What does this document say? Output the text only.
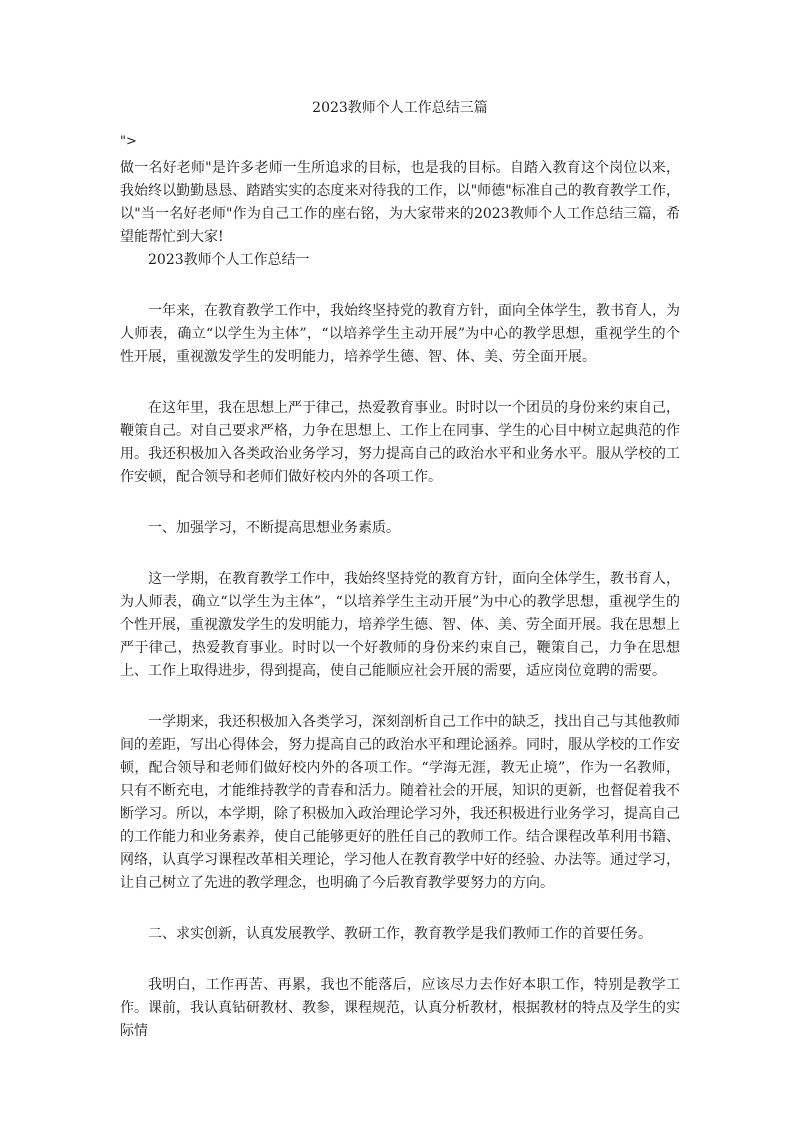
2023教师个人工作总结三篇
">

做一名好老师"是许多老师一生所追求的目标，也是我的目标。自踏入教育这个岗位以来，我始终以勤勤恳恳、踏踏实实的态度来对待我的工作，以"师德"标准自己的教育教学工作，以"当一名好老师"作为自己工作的座右铭，为大家带来的2023教师个人工作总结三篇，希望能帮忙到大家!

2023教师个人工作总结一

一年来，在教育教学工作中，我始终坚持党的教育方针，面向全体学生，教书育人，为人师表，确立“以学生为主体”，“以培养学生主动开展”为中心的教学思想，重视学生的个性开展，重视激发学生的发明能力，培养学生德、智、体、美、劳全面开展。

在这年里，我在思想上严于律己，热爱教育事业。时时以一个团员的身份来约束自己，鞭策自己。对自己要求严格，力争在思想上、工作上在同事、学生的心目中树立起典范的作用。我还积极加入各类政治业务学习，努力提高自己的政治水平和业务水平。服从学校的工作安顿，配合领导和老师们做好校内外的各项工作。

一、加强学习，不断提高思想业务素质。

这一学期，在教育教学工作中，我始终坚持党的教育方针，面向全体学生，教书育人，为人师表，确立“以学生为主体”，“以培养学生主动开展”为中心的教学思想，重视学生的个性开展，重视激发学生的发明能力，培养学生德、智、体、美、劳全面开展。我在思想上严于律己，热爱教育事业。时时以一个好教师的身份来约束自己，鞭策自己，力争在思想上、工作上取得进步，得到提高，使自己能顺应社会开展的需要，适应岗位竟聘的需要。

一学期来，我还积极加入各类学习，深刻剖析自己工作中的缺乏，找出自己与其他教师间的差距，写出心得体会，努力提高自己的政治水平和理论涵养。同时，服从学校的工作安顿，配合领导和老师们做好校内外的各项工作。“学海无涯，教无止境”，作为一名教师，只有不断充电，才能维持教学的青春和活力。随着社会的开展，知识的更新，也督促着我不断学习。所以，本学期，除了积极加入政治理论学习外，我还积极进行业务学习，提高自己的工作能力和业务素养，使自己能够更好的胜任自己的教师工作。结合课程改革利用书籍、网络，认真学习课程改革相关理论，学习他人在教育教学中好的经验、办法等。通过学习，让自己树立了先进的教学理念，也明确了今后教育教学要努力的方向。

二、求实创新，认真发展教学、教研工作，教育教学是我们教师工作的首要任务。

我明白，工作再苦、再累，我也不能落后，应该尽力去作好本职工作，特别是教学工作。课前，我认真钻研教材、教参，课程规范，认真分析教材，根据教材的特点及学生的实际情
